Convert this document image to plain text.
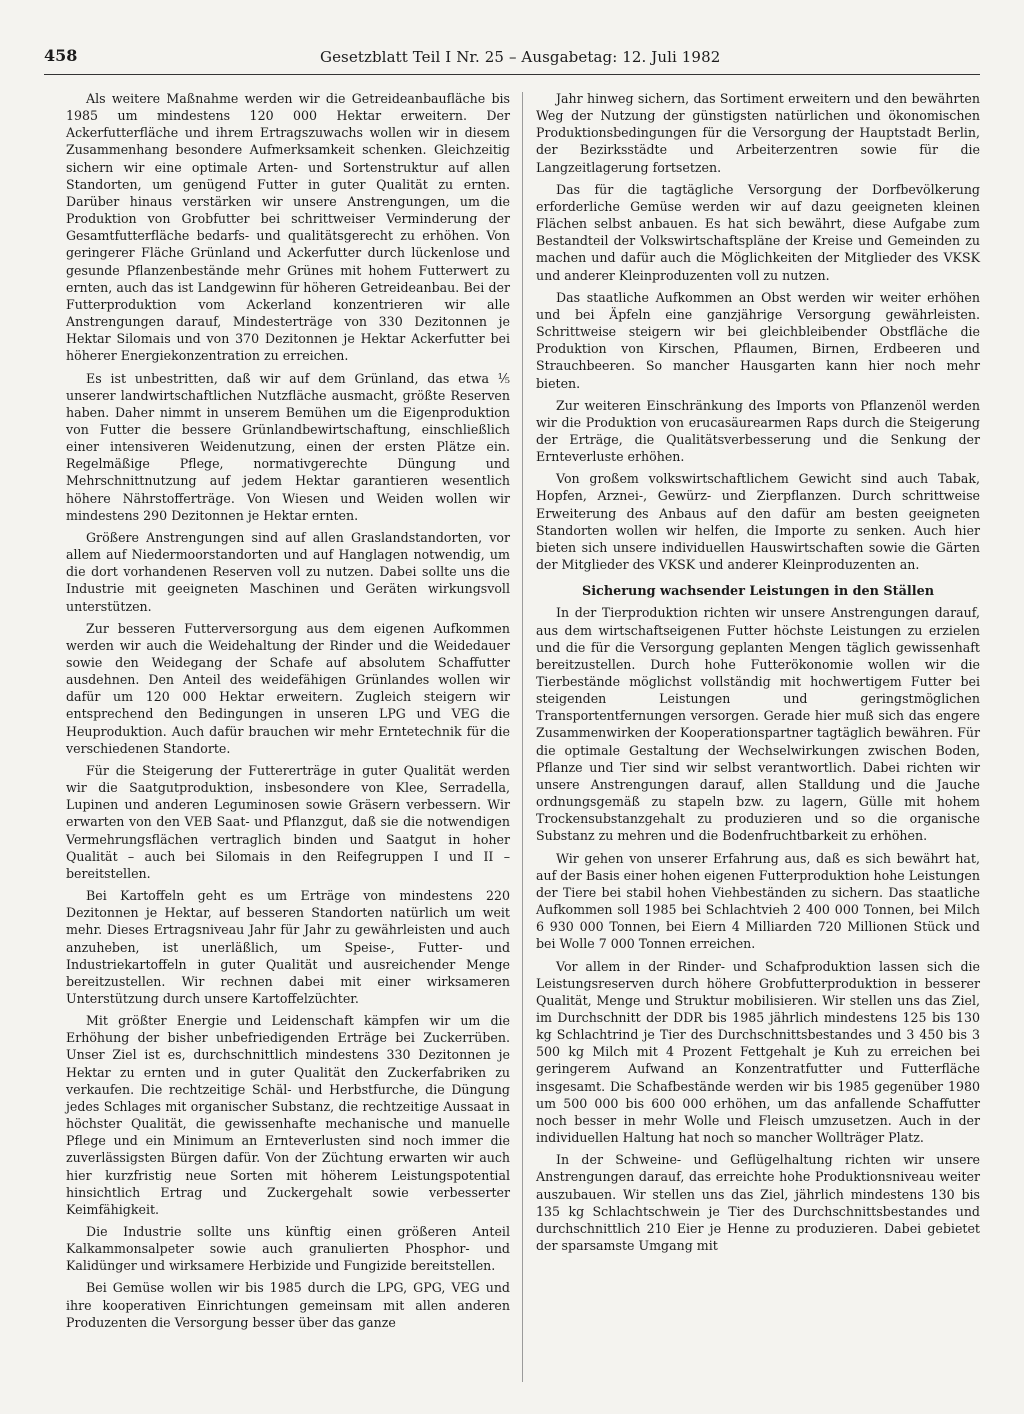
458	Gesetzblatt Teil I Nr. 25 – Ausgabetag: 12. Juli 1982

Als weitere Maßnahme werden wir die Getreideanbaufläche bis 1985 um mindestens 120 000 Hektar erweitern. Der Ackerfutterfläche und ihrem Ertragszuwachs wollen wir in diesem Zusammenhang besondere Aufmerksamkeit schenken. Gleichzeitig sichern wir eine optimale Arten- und Sortenstruktur auf allen Standorten, um genügend Futter in guter Qualität zu ernten. Darüber hinaus verstärken wir unsere Anstrengungen, um die Produktion von Grobfutter bei schrittweiser Verminderung der Gesamtfutterfläche bedarfs- und qualitätsgerecht zu erhöhen. Von geringerer Fläche Grünland und Ackerfutter durch lückenlose und gesunde Pflanzenbestände mehr Grünes mit hohem Futterwert zu ernten, auch das ist Landgewinn für höheren Getreideanbau. Bei der Futterproduktion vom Ackerland konzentrieren wir alle Anstrengungen darauf, Mindesterträge von 330 Dezitonnen je Hektar Silomais und von 370 Dezitonnen je Hektar Ackerfutter bei höherer Energiekonzentration zu erreichen.

Es ist unbestritten, daß wir auf dem Grünland, das etwa ⅕ unserer landwirtschaftlichen Nutzfläche ausmacht, größte Reserven haben. Daher nimmt in unserem Bemühen um die Eigenproduktion von Futter die bessere Grünlandbewirtschaftung, einschließlich einer intensiveren Weidenutzung, einen der ersten Plätze ein. Regelmäßige Pflege, normativgerechte Düngung und Mehrschnittnutzung auf jedem Hektar garantieren wesentlich höhere Nährstofferträge. Von Wiesen und Weiden wollen wir mindestens 290 Dezitonnen je Hektar ernten.

Größere Anstrengungen sind auf allen Graslandstandorten, vor allem auf Niedermoorstandorten und auf Hanglagen notwendig, um die dort vorhandenen Reserven voll zu nutzen. Dabei sollte uns die Industrie mit geeigneten Maschinen und Geräten wirkungsvoll unterstützen.

Zur besseren Futterversorgung aus dem eigenen Aufkommen werden wir auch die Weidehaltung der Rinder und die Weidedauer sowie den Weidegang der Schafe auf absolutem Schaffutter ausdehnen. Den Anteil des weidefähigen Grünlandes wollen wir dafür um 120 000 Hektar erweitern. Zugleich steigern wir entsprechend den Bedingungen in unseren LPG und VEG die Heuproduktion. Auch dafür brauchen wir mehr Erntetechnik für die verschiedenen Standorte.

Für die Steigerung der Futtererträge in guter Qualität werden wir die Saatgutproduktion, insbesondere von Klee, Serradella, Lupinen und anderen Leguminosen sowie Gräsern verbessern. Wir erwarten von den VEB Saat- und Pflanzgut, daß sie die notwendigen Vermehrungsflächen vertraglich binden und Saatgut in hoher Qualität – auch bei Silomais in den Reifegruppen I und II – bereitstellen.

Bei Kartoffeln geht es um Erträge von mindestens 220 Dezitonnen je Hektar, auf besseren Standorten natürlich um weit mehr. Dieses Ertragsniveau Jahr für Jahr zu gewährleisten und auch anzuheben, ist unerläßlich, um Speise-, Futter- und Industriekartoffeln in guter Qualität und ausreichender Menge bereitzustellen. Wir rechnen dabei mit einer wirksameren Unterstützung durch unsere Kartoffelzüchter.

Mit größter Energie und Leidenschaft kämpfen wir um die Erhöhung der bisher unbefriedigenden Erträge bei Zuckerrüben. Unser Ziel ist es, durchschnittlich mindestens 330 Dezitonnen je Hektar zu ernten und in guter Qualität den Zuckerfabriken zu verkaufen. Die rechtzeitige Schäl- und Herbstfurche, die Düngung jedes Schlages mit organischer Substanz, die rechtzeitige Aussaat in höchster Qualität, die gewissenhafte mechanische und manuelle Pflege und ein Minimum an Ernteverlusten sind noch immer die zuverlässigsten Bürgen dafür. Von der Züchtung erwarten wir auch hier kurzfristig neue Sorten mit höherem Leistungspotential hinsichtlich Ertrag und Zuckergehalt sowie verbesserter Keimfähigkeit.

Die Industrie sollte uns künftig einen größeren Anteil Kalkammonsalpeter sowie auch granulierten Phosphor- und Kalidünger und wirksamere Herbizide und Fungizide bereitstellen.

Bei Gemüse wollen wir bis 1985 durch die LPG, GPG, VEG und ihre kooperativen Einrichtungen gemeinsam mit allen anderen Produzenten die Versorgung besser über das ganze

Jahr hinweg sichern, das Sortiment erweitern und den bewährten Weg der Nutzung der günstigsten natürlichen und ökonomischen Produktionsbedingungen für die Versorgung der Hauptstadt Berlin, der Bezirksstädte und Arbeiterzentren sowie für die Langzeitlagerung fortsetzen.

Das für die tagtägliche Versorgung der Dorfbevölkerung erforderliche Gemüse werden wir auf dazu geeigneten kleinen Flächen selbst anbauen. Es hat sich bewährt, diese Aufgabe zum Bestandteil der Volkswirtschaftspläne der Kreise und Gemeinden zu machen und dafür auch die Möglichkeiten der Mitglieder des VKSK und anderer Kleinproduzenten voll zu nutzen.

Das staatliche Aufkommen an Obst werden wir weiter erhöhen und bei Äpfeln eine ganzjährige Versorgung gewährleisten. Schrittweise steigern wir bei gleichbleibender Obstfläche die Produktion von Kirschen, Pflaumen, Birnen, Erdbeeren und Strauchbeeren. So mancher Hausgarten kann hier noch mehr bieten.

Zur weiteren Einschränkung des Imports von Pflanzenöl werden wir die Produktion von erucasäurearmen Raps durch die Steigerung der Erträge, die Qualitätsverbesserung und die Senkung der Ernteverluste erhöhen.

Von großem volkswirtschaftlichem Gewicht sind auch Tabak, Hopfen, Arznei-, Gewürz- und Zierpflanzen. Durch schrittweise Erweiterung des Anbaus auf den dafür am besten geeigneten Standorten wollen wir helfen, die Importe zu senken. Auch hier bieten sich unsere individuellen Hauswirtschaften sowie die Gärten der Mitglieder des VKSK und anderer Kleinproduzenten an.

Sicherung wachsender Leistungen in den Ställen

In der Tierproduktion richten wir unsere Anstrengungen darauf, aus dem wirtschaftseigenen Futter höchste Leistungen zu erzielen und die für die Versorgung geplanten Mengen täglich gewissenhaft bereitzustellen. Durch hohe Futterökonomie wollen wir die Tierbestände möglichst vollständig mit hochwertigem Futter bei steigenden Leistungen und geringstmöglichen Transportentfernungen versorgen. Gerade hier muß sich das engere Zusammenwirken der Kooperationspartner tagtäglich bewähren. Für die optimale Gestaltung der Wechselwirkungen zwischen Boden, Pflanze und Tier sind wir selbst verantwortlich. Dabei richten wir unsere Anstrengungen darauf, allen Stalldung und die Jauche ordnungsgemäß zu stapeln bzw. zu lagern, Gülle mit hohem Trockensubstanzgehalt zu produzieren und so die organische Substanz zu mehren und die Bodenfruchtbarkeit zu erhöhen.

Wir gehen von unserer Erfahrung aus, daß es sich bewährt hat, auf der Basis einer hohen eigenen Futterproduktion hohe Leistungen der Tiere bei stabil hohen Viehbeständen zu sichern. Das staatliche Aufkommen soll 1985 bei Schlachtvieh 2 400 000 Tonnen, bei Milch 6 930 000 Tonnen, bei Eiern 4 Milliarden 720 Millionen Stück und bei Wolle 7 000 Tonnen erreichen.

Vor allem in der Rinder- und Schafproduktion lassen sich die Leistungsreserven durch höhere Grobfutterproduktion in besserer Qualität, Menge und Struktur mobilisieren. Wir stellen uns das Ziel, im Durchschnitt der DDR bis 1985 jährlich mindestens 125 bis 130 kg Schlachtrind je Tier des Durchschnittsbestandes und 3 450 bis 3 500 kg Milch mit 4 Prozent Fettgehalt je Kuh zu erreichen bei geringerem Aufwand an Konzentratfutter und Futterfläche insgesamt. Die Schafbestände werden wir bis 1985 gegenüber 1980 um 500 000 bis 600 000 erhöhen, um das anfallende Schaffutter noch besser in mehr Wolle und Fleisch umzusetzen. Auch in der individuellen Haltung hat noch so mancher Wollträger Platz.

In der Schweine- und Geflügelhaltung richten wir unsere Anstrengungen darauf, das erreichte hohe Produktionsniveau weiter auszubauen. Wir stellen uns das Ziel, jährlich mindestens 130 bis 135 kg Schlachtschwein je Tier des Durchschnittsbestandes und durchschnittlich 210 Eier je Henne zu produzieren. Dabei gebietet der sparsamste Umgang mit
